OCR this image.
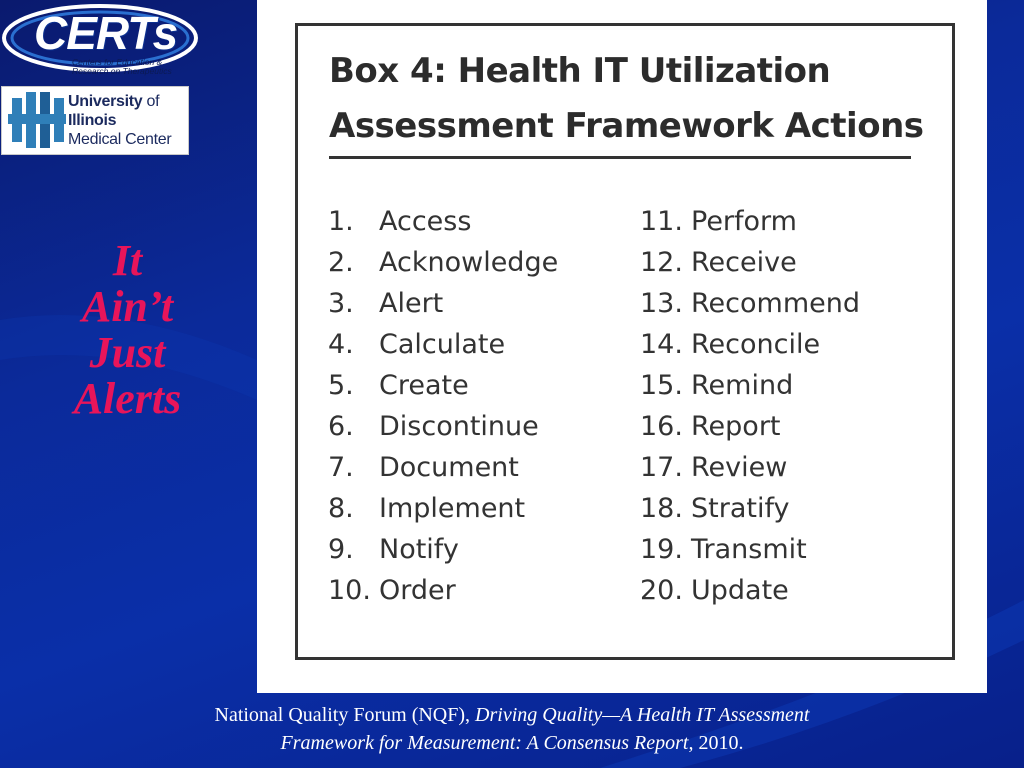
CERTs
Centers for Education &
Research on Therapeutics
University of
Illinois
Medical Center
It
Ain’t
Just
Alerts
Box 4: Health IT Utilization
Assessment Framework Actions
1. Access
2. Acknowledge
3. Alert
4. Calculate
5. Create
6. Discontinue
7. Document
8. Implement
9. Notify
10. Order
11. Perform
12. Receive
13. Recommend
14. Reconcile
15. Remind
16. Report
17. Review
18. Stratify
19. Transmit
20. Update
National Quality Forum (NQF), Driving Quality—A Health IT Assessment
Framework for Measurement: A Consensus Report, 2010.
